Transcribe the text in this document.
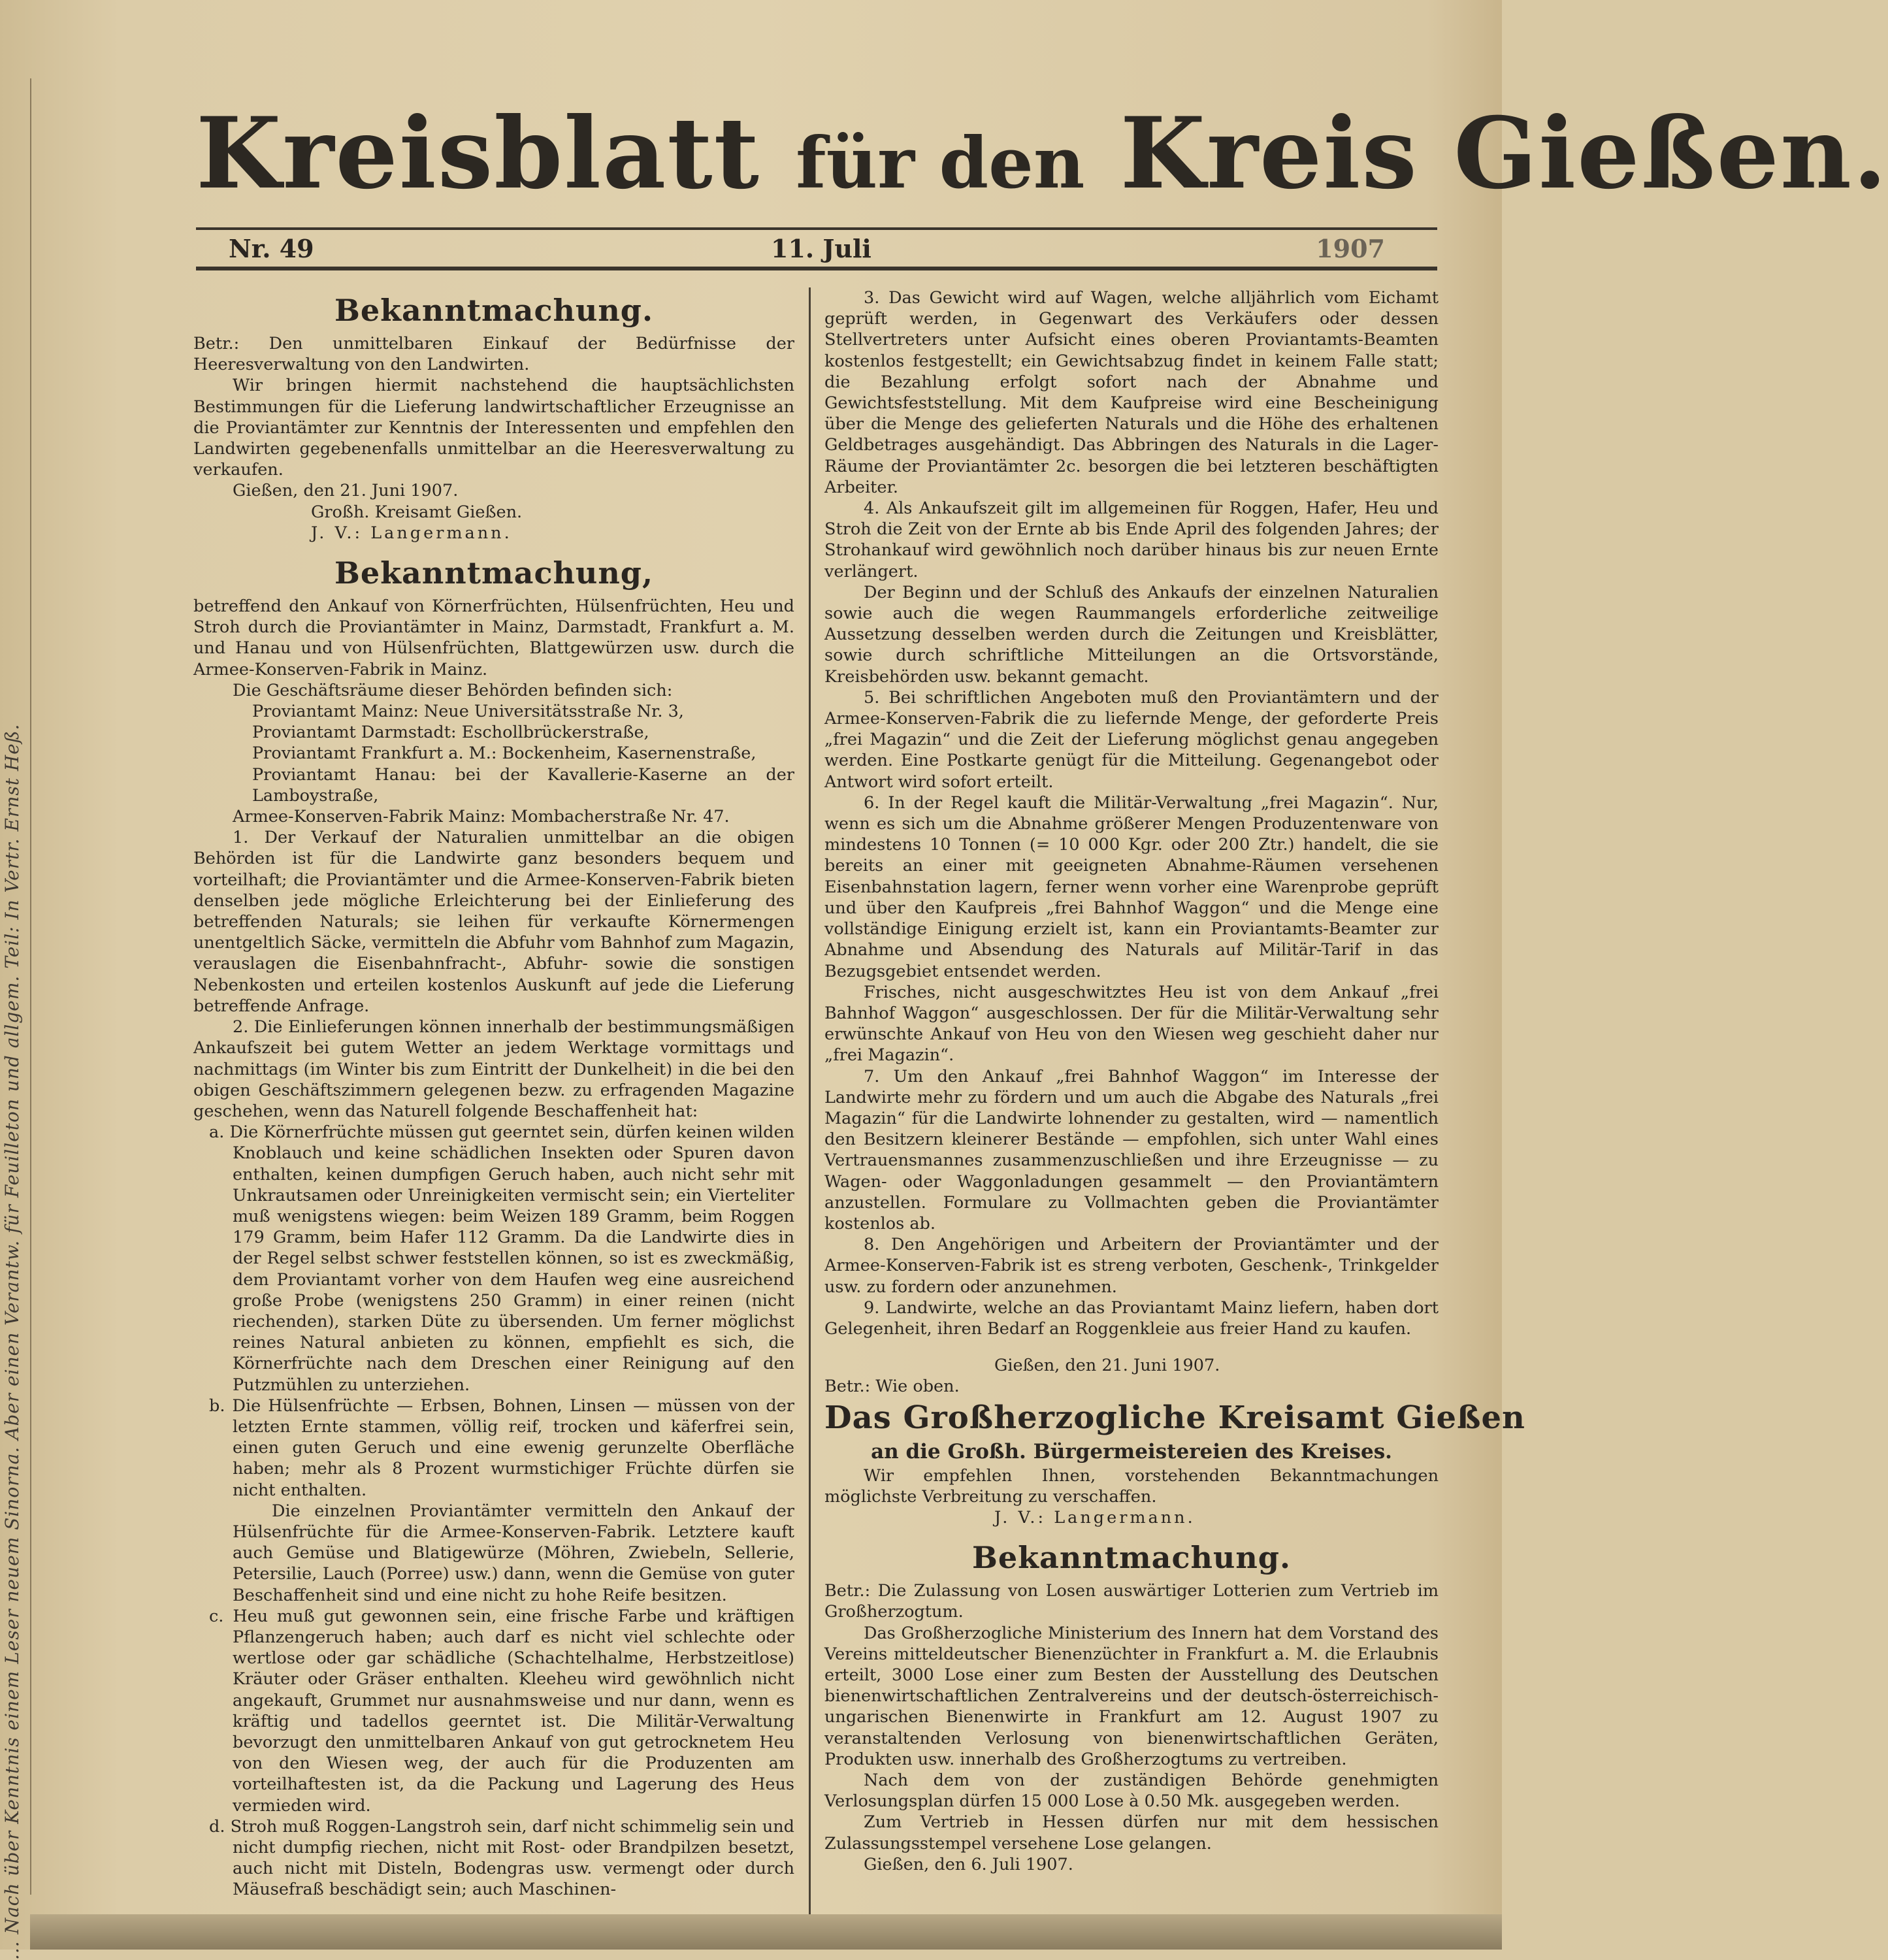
... Nach über Kenntnis einem Leser neuem Sinorna. Aber einen Verantw. für Feuilleton und allgem. Teil: In Vertr. Ernst Heß.
Kreisblatt für den Kreis Gießen.
Nr. 49	11. Juli	1907
Bekanntmachung.

Betr.: Den unmittelbaren Einkauf der Bedürfnisse der Heeresverwaltung von den Landwirten.

Wir bringen hiermit nachstehend die hauptsächlichsten Bestimmungen für die Lieferung landwirtschaftlicher Erzeugnisse an die Proviantämter zur Kenntnis der Interessenten und empfehlen den Landwirten gegebenenfalls unmittelbar an die Heeresverwaltung zu verkaufen.

Gießen, den 21. Juni 1907.

Großh. Kreisamt Gießen.

J. V.: Langermann.

Bekanntmachung,

betreffend den Ankauf von Körnerfrüchten, Hülsenfrüchten, Heu und Stroh durch die Proviantämter in Mainz, Darmstadt, Frankfurt a. M. und Hanau und von Hülsenfrüchten, Blattgewürzen usw. durch die Armee-Konserven-Fabrik in Mainz.

Die Geschäftsräume dieser Behörden befinden sich:

Proviantamt Mainz: Neue Universitätsstraße Nr. 3,

Proviantamt Darmstadt: Eschollbrückerstraße,

Proviantamt Frankfurt a. M.: Bockenheim, Kasernenstraße,

Proviantamt Hanau: bei der Kavallerie-Kaserne an der Lamboystraße,

Armee-Konserven-Fabrik Mainz: Mombacherstraße Nr. 47.

1. Der Verkauf der Naturalien unmittelbar an die obigen Behörden ist für die Landwirte ganz besonders bequem und vorteilhaft; die Proviantämter und die Armee-Konserven-Fabrik bieten denselben jede mögliche Erleichterung bei der Einlieferung des betreffenden Naturals; sie leihen für verkaufte Körnermengen unentgeltlich Säcke, vermitteln die Abfuhr vom Bahnhof zum Magazin, verauslagen die Eisenbahnfracht-, Abfuhr- sowie die sonstigen Nebenkosten und erteilen kostenlos Auskunft auf jede die Lieferung betreffende Anfrage.

2. Die Einlieferungen können innerhalb der bestimmungsmäßigen Ankaufszeit bei gutem Wetter an jedem Werktage vormittags und nachmittags (im Winter bis zum Eintritt der Dunkelheit) in die bei den obigen Geschäftszimmern gelegenen bezw. zu erfragenden Magazine geschehen, wenn das Naturell folgende Beschaffenheit hat:

a. Die Körnerfrüchte müssen gut geerntet sein, dürfen keinen wilden Knoblauch und keine schädlichen Insekten oder Spuren davon enthalten, keinen dumpfigen Geruch haben, auch nicht sehr mit Unkrautsamen oder Unreinigkeiten vermischt sein; ein Vierteliter muß wenigstens wiegen: beim Weizen 189 Gramm, beim Roggen 179 Gramm, beim Hafer 112 Gramm. Da die Landwirte dies in der Regel selbst schwer feststellen können, so ist es zweckmäßig, dem Proviantamt vorher von dem Haufen weg eine ausreichend große Probe (wenigstens 250 Gramm) in einer reinen (nicht riechenden), starken Düte zu übersenden. Um ferner möglichst reines Natural anbieten zu können, empfiehlt es sich, die Körnerfrüchte nach dem Dreschen einer Reinigung auf den Putzmühlen zu unterziehen.

b. Die Hülsenfrüchte — Erbsen, Bohnen, Linsen — müssen von der letzten Ernte stammen, völlig reif, trocken und käferfrei sein, einen guten Geruch und eine ewenig gerunzelte Oberfläche haben; mehr als 8 Prozent wurmstichiger Früchte dürfen sie nicht enthalten.

Die einzelnen Proviantämter vermitteln den Ankauf der Hülsenfrüchte für die Armee-Konserven-Fabrik. Letztere kauft auch Gemüse und Blatigewürze (Möhren, Zwiebeln, Sellerie, Petersilie, Lauch (Porree) usw.) dann, wenn die Gemüse von guter Beschaffenheit sind und eine nicht zu hohe Reife besitzen.

c. Heu muß gut gewonnen sein, eine frische Farbe und kräftigen Pflanzengeruch haben; auch darf es nicht viel schlechte oder wertlose oder gar schädliche (Schachtelhalme, Herbstzeitlose) Kräuter oder Gräser enthalten. Kleeheu wird gewöhnlich nicht angekauft, Grummet nur ausnahmsweise und nur dann, wenn es kräftig und tadellos geerntet ist. Die Militär-Verwaltung bevorzugt den unmittelbaren Ankauf von gut getrocknetem Heu von den Wiesen weg, der auch für die Produzenten am vorteilhaftesten ist, da die Packung und Lagerung des Heus vermieden wird.

d. Stroh muß Roggen-Langstroh sein, darf nicht schimmelig sein und nicht dumpfig riechen, nicht mit Rost- oder Brandpilzen besetzt, auch nicht mit Disteln, Bodengras usw. vermengt oder durch Mäusefraß beschädigt sein; auch Maschinen-

3. Das Gewicht wird auf Wagen, welche alljährlich vom Eichamt geprüft werden, in Gegenwart des Verkäufers oder dessen Stellvertreters unter Aufsicht eines oberen Proviantamts-Beamten kostenlos festgestellt; ein Gewichtsabzug findet in keinem Falle statt; die Bezahlung erfolgt sofort nach der Abnahme und Gewichtsfeststellung. Mit dem Kaufpreise wird eine Bescheinigung über die Menge des gelieferten Naturals und die Höhe des erhaltenen Geldbetrages ausgehändigt. Das Abbringen des Naturals in die Lager-Räume der Proviantämter 2c. besorgen die bei letzteren beschäftigten Arbeiter.

4. Als Ankaufszeit gilt im allgemeinen für Roggen, Hafer, Heu und Stroh die Zeit von der Ernte ab bis Ende April des folgenden Jahres; der Strohankauf wird gewöhnlich noch darüber hinaus bis zur neuen Ernte verlängert.

Der Beginn und der Schluß des Ankaufs der einzelnen Naturalien sowie auch die wegen Raummangels erforderliche zeitweilige Aussetzung desselben werden durch die Zeitungen und Kreisblätter, sowie durch schriftliche Mitteilungen an die Ortsvorstände, Kreisbehörden usw. bekannt gemacht.

5. Bei schriftlichen Angeboten muß den Proviantämtern und der Armee-Konserven-Fabrik die zu liefernde Menge, der geforderte Preis „frei Magazin“ und die Zeit der Lieferung möglichst genau angegeben werden. Eine Postkarte genügt für die Mitteilung. Gegenangebot oder Antwort wird sofort erteilt.

6. In der Regel kauft die Militär-Verwaltung „frei Magazin“. Nur, wenn es sich um die Abnahme größerer Mengen Produzentenware von mindestens 10 Tonnen (= 10 000 Kgr. oder 200 Ztr.) handelt, die sie bereits an einer mit geeigneten Abnahme-Räumen versehenen Eisenbahnstation lagern, ferner wenn vorher eine Warenprobe geprüft und über den Kaufpreis „frei Bahnhof Waggon“ und die Menge eine vollständige Einigung erzielt ist, kann ein Proviantamts-Beamter zur Abnahme und Absendung des Naturals auf Militär-Tarif in das Bezugsgebiet entsendet werden.

Frisches, nicht ausgeschwitztes Heu ist von dem Ankauf „frei Bahnhof Waggon“ ausgeschlossen. Der für die Militär-Verwaltung sehr erwünschte Ankauf von Heu von den Wiesen weg geschieht daher nur „frei Magazin“.

7. Um den Ankauf „frei Bahnhof Waggon“ im Interesse der Landwirte mehr zu fördern und um auch die Abgabe des Naturals „frei Magazin“ für die Landwirte lohnender zu gestalten, wird — namentlich den Besitzern kleinerer Bestände — empfohlen, sich unter Wahl eines Vertrauensmannes zusammenzuschließen und ihre Erzeugnisse — zu Wagen- oder Waggonladungen gesammelt — den Proviantämtern anzustellen. Formulare zu Vollmachten geben die Proviantämter kostenlos ab.

8. Den Angehörigen und Arbeitern der Proviantämter und der Armee-Konserven-Fabrik ist es streng verboten, Geschenk-, Trinkgelder usw. zu fordern oder anzunehmen.

9. Landwirte, welche an das Proviantamt Mainz liefern, haben dort Gelegenheit, ihren Bedarf an Roggenkleie aus freier Hand zu kaufen.

Gießen, den 21. Juni 1907.

Betr.: Wie oben.

Das Großherzogliche Kreisamt Gießen
an die Großh. Bürgermeistereien des Kreises.

Wir empfehlen Ihnen, vorstehenden Bekanntmachungen möglichste Verbreitung zu verschaffen.

J. V.: Langermann.

Bekanntmachung.

Betr.: Die Zulassung von Losen auswärtiger Lotterien zum Vertrieb im Großherzogtum.

Das Großherzogliche Ministerium des Innern hat dem Vorstand des Vereins mitteldeutscher Bienenzüchter in Frankfurt a. M. die Erlaubnis erteilt, 3000 Lose einer zum Besten der Ausstellung des Deutschen bienenwirtschaftlichen Zentralvereins und der deutsch-österreichisch-ungarischen Bienenwirte in Frankfurt am 12. August 1907 zu veranstaltenden Verlosung von bienenwirtschaftlichen Geräten, Produkten usw. innerhalb des Großherzogtums zu vertreiben.

Nach dem von der zuständigen Behörde genehmigten Verlosungsplan dürfen 15 000 Lose à 0.50 Mk. ausgegeben werden.

Zum Vertrieb in Hessen dürfen nur mit dem hessischen Zulassungsstempel versehene Lose gelangen.

Gießen, den 6. Juli 1907.
